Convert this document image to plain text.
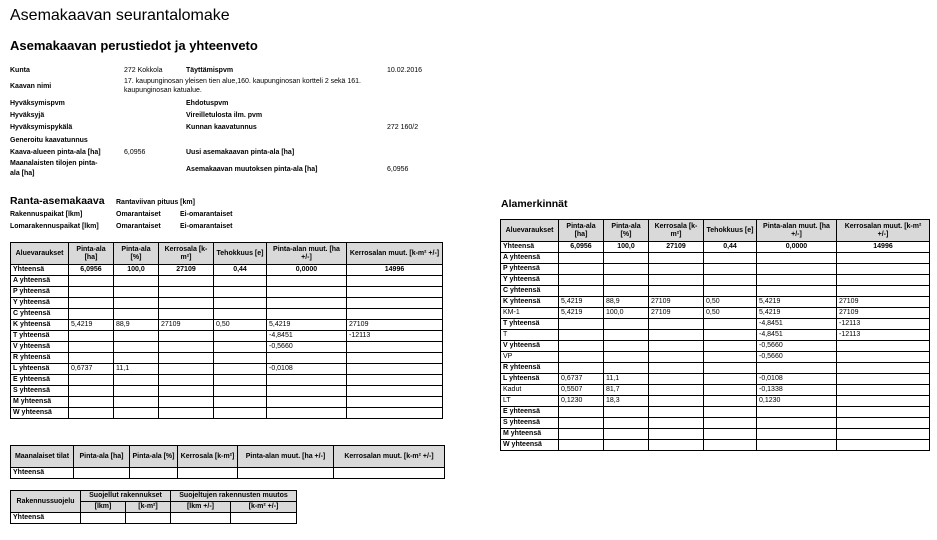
Asemakaavan seurantalomake
Asemakaavan perustiedot ja yhteenveto
Kunta	272 Kokkola	Täyttämispvm	10.02.2016
Kaavan nimi
17. kaupunginosan yleisen tien alue,160. kaupunginosan kortteli 2 sekä 161.
kaupunginosan katualue.
Hyväksymispvm	Ehdotuspvm
Hyväksyjä	Vireilletulosta ilm. pvm
Hyväksymispykälä	Kunnan kaavatunnus	272 160/2
Generoitu kaavatunnus
Kaava-alueen pinta-ala [ha]	6,0956	Uusi asemakaavan pinta-ala [ha]
Maanalaisten tilojen pinta-
ala [ha]
Asemakaavan muutoksen pinta-ala [ha]	6,0956
Ranta-asemakaava Rantaviivan pituus [km]
Rakennuspaikat [lkm]	Omarantaiset	Ei-omarantaiset
Lomarakennuspaikat [lkm] Omarantaiset	Ei-omarantaiset
Aluevaraukset	Pinta-ala [ha]	Pinta-ala [%]	Kerrosala [k-m²]	Tehokkuus [e]	Pinta-alan muut. [ha +/-]	Kerrosalan muut. [k-m² +/-]
Yhteensä	6,0956	100,0	27109	0,44	0,0000	14996
A yhteensä						
P yhteensä						
Y yhteensä						
C yhteensä						
K yhteensä	5,4219	88,9	27109	0,50	5,4219	27109
T yhteensä					-4,8451	-12113
V yhteensä					-0,5660	
R yhteensä						
L yhteensä	0,6737	11,1			-0,0108	
E yhteensä						
S yhteensä						
M yhteensä						
W yhteensä						
Maanalaiset tilat	Pinta-ala [ha]	Pinta-ala [%]	Kerrosala [k-m²]	Pinta-alan muut. [ha +/-]	Kerrosalan muut. [k-m² +/-]
Yhteensä					
Rakennussuojelu	Suojellut rakennukset		Suojeltujen rakennusten muutos	
	[lkm]	[k-m²]	[lkm +/-]	[k-m² +/-]
Yhteensä				
Alamerkinnät
Aluevaraukset	Pinta-ala [ha]	Pinta-ala [%]	Kerrosala [k-m²]	Tehokkuus [e]	Pinta-alan muut. [ha +/-]	Kerrosalan muut. [k-m² +/-]
Yhteensä	6,0956	100,0	27109	0,44	0,0000	14996
A yhteensä						
P yhteensä						
Y yhteensä						
C yhteensä						
K yhteensä	5,4219	88,9	27109	0,50	5,4219	27109
KM-1	5,4219	100,0	27109	0,50	5,4219	27109
T yhteensä					-4,8451	-12113
T					-4,8451	-12113
V yhteensä					-0,5660	
VP					-0,5660	
R yhteensä						
L yhteensä	0,6737	11,1			-0,0108	
Kadut	0,5507	81,7			-0,1338	
LT	0,1230	18,3			0,1230	
E yhteensä						
S yhteensä						
M yhteensä						
W yhteensä						
